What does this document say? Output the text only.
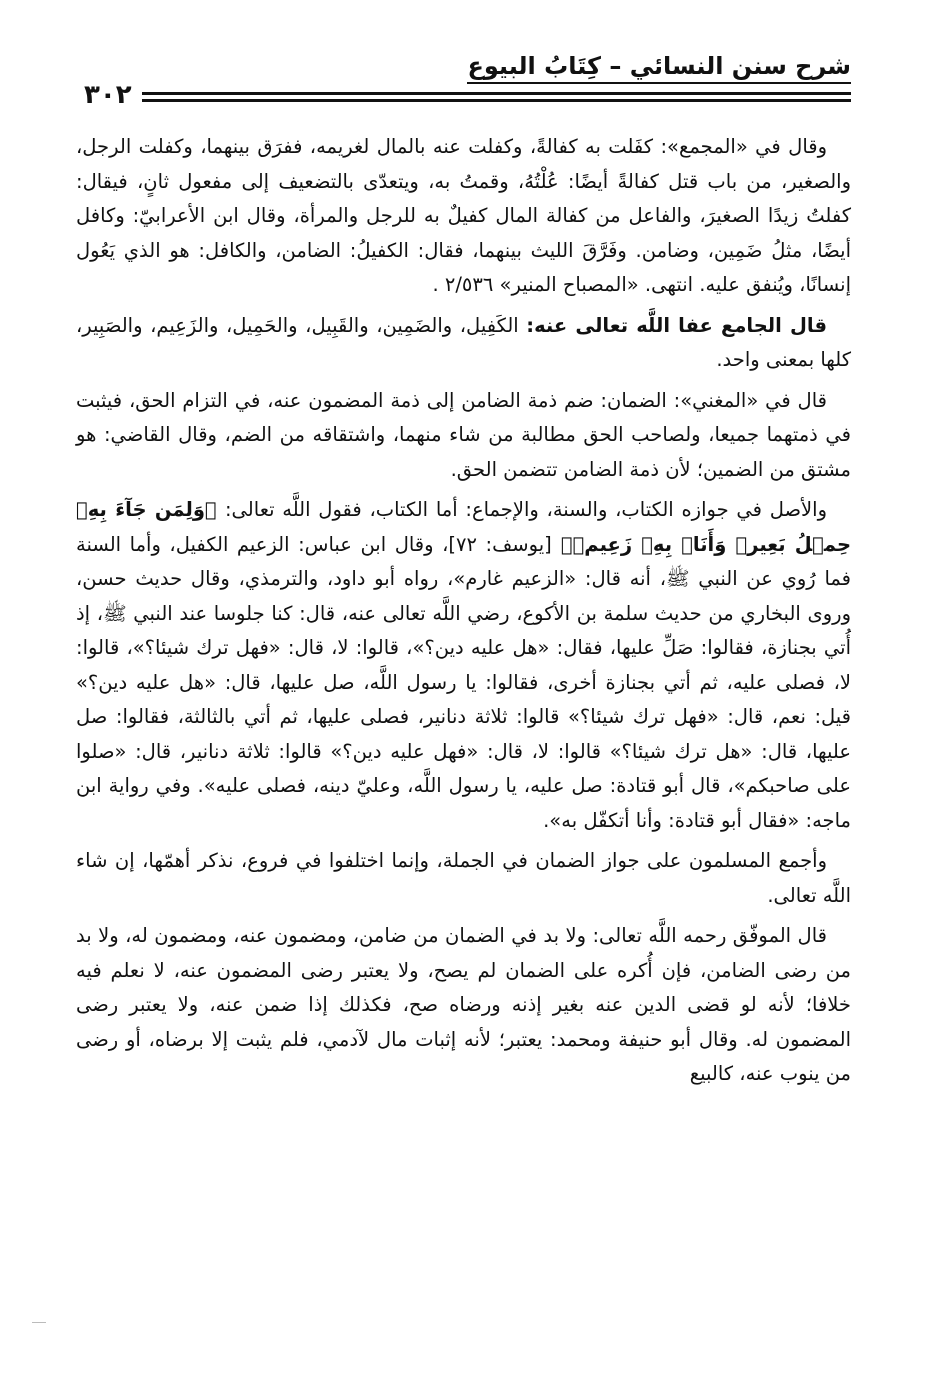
شرح سنن النسائي – كِتَابُ البيوع
٣٠٢

وقال في «المجمع»: كفَلت به كفالةً، وكفلت عنه بالمال لغريمه، ففرَق بينهما، وكفلت الرجل، والصغير، من باب قتل كفالةً أيضًا: عُلْتُهُ، وقمتُ به، ويتعدّى بالتضعيف إلى مفعول ثانٍ، فيقال: كفلتُ زيدًا الصغيرَ، والفاعل من كفالة المال كفيلٌ به للرجل والمرأة، وقال ابن الأعرابيّ: وكافل أيضًا، مثلُ ضَمِين، وضامن. وفَرَّقَ الليث بينهما، فقال: الكفيلُ: الضامن، والكافل: هو الذي يَعُول إنسانًا، ويُنفق عليه. انتهى. «المصباح المنير» ٢/٥٣٦ .

قال الجامع عفا اللَّه تعالى عنه: الكَفِيل، والضَمِين، والقَبِيل، والحَمِيل، والزَعِيم، والصَبِير، كلها بمعنى واحد.

قال في «المغني»: الضمان: ضم ذمة الضامن إلى ذمة المضمون عنه، في التزام الحق، فيثبت في ذمتهما جميعا، ولصاحب الحق مطالبة من شاء منهما، واشتقاقه من الضم، وقال القاضي: هو مشتق من الضمين؛ لأن ذمة الضامن تتضمن الحق.

والأصل في جوازه الكتاب، والسنة، والإجماع: أما الكتاب، فقول اللَّه تعالى: ﴿وَلِمَن جَآءَ بِهِۦ حِمۡلُ بَعِيرٖ وَأَنَا۠ بِهِۦ زَعِيمٞ﴾ [يوسف: ٧٢]، وقال ابن عباس: الزعيم الكفيل، وأما السنة فما رُوي عن النبي ﷺ، أنه قال: «الزعيم غارم»، رواه أبو داود، والترمذي، وقال حديث حسن، وروى البخاري من حديث سلمة بن الأكوع، رضي اللَّه تعالى عنه، قال: كنا جلوسا عند النبي ﷺ، إذ أُتي بجنازة، فقالوا: صَلِّ عليها، فقال: «هل عليه دين؟»، قالوا: لا، قال: «فهل ترك شيئا؟»، قالوا: لا، فصلى عليه، ثم أتي بجنازة أخرى، فقالوا: يا رسول اللَّه، صل عليها، قال: «هل عليه دين؟» قيل: نعم، قال: «فهل ترك شيئا؟» قالوا: ثلاثة دنانير، فصلى عليها، ثم أتي بالثالثة، فقالوا: صل عليها، قال: «هل ترك شيئا؟» قالوا: لا، قال: «فهل عليه دين؟» قالوا: ثلاثة دنانير، قال: «صلوا على صاحبكم»، قال أبو قتادة: صل عليه، يا رسول اللَّه، وعليّ دينه، فصلى عليه». وفي رواية ابن ماجه: «فقال أبو قتادة: وأنا أتكفّل به».

وأجمع المسلمون على جواز الضمان في الجملة، وإنما اختلفوا في فروع، نذكر أهمّها، إن شاء اللَّه تعالى.

قال الموفّق رحمه اللَّه تعالى: ولا بد في الضمان من ضامن، ومضمون عنه، ومضمون له، ولا بد من رضى الضامن، فإن أُكره على الضمان لم يصح، ولا يعتبر رضى المضمون عنه، لا نعلم فيه خلافا؛ لأنه لو قضى الدين عنه بغير إذنه ورضاه صح، فكذلك إذا ضمن عنه، ولا يعتبر رضى المضمون له. وقال أبو حنيفة ومحمد: يعتبر؛ لأنه إثبات مال لآدمي، فلم يثبت إلا برضاه، أو رضى من ينوب عنه، كالبيع
